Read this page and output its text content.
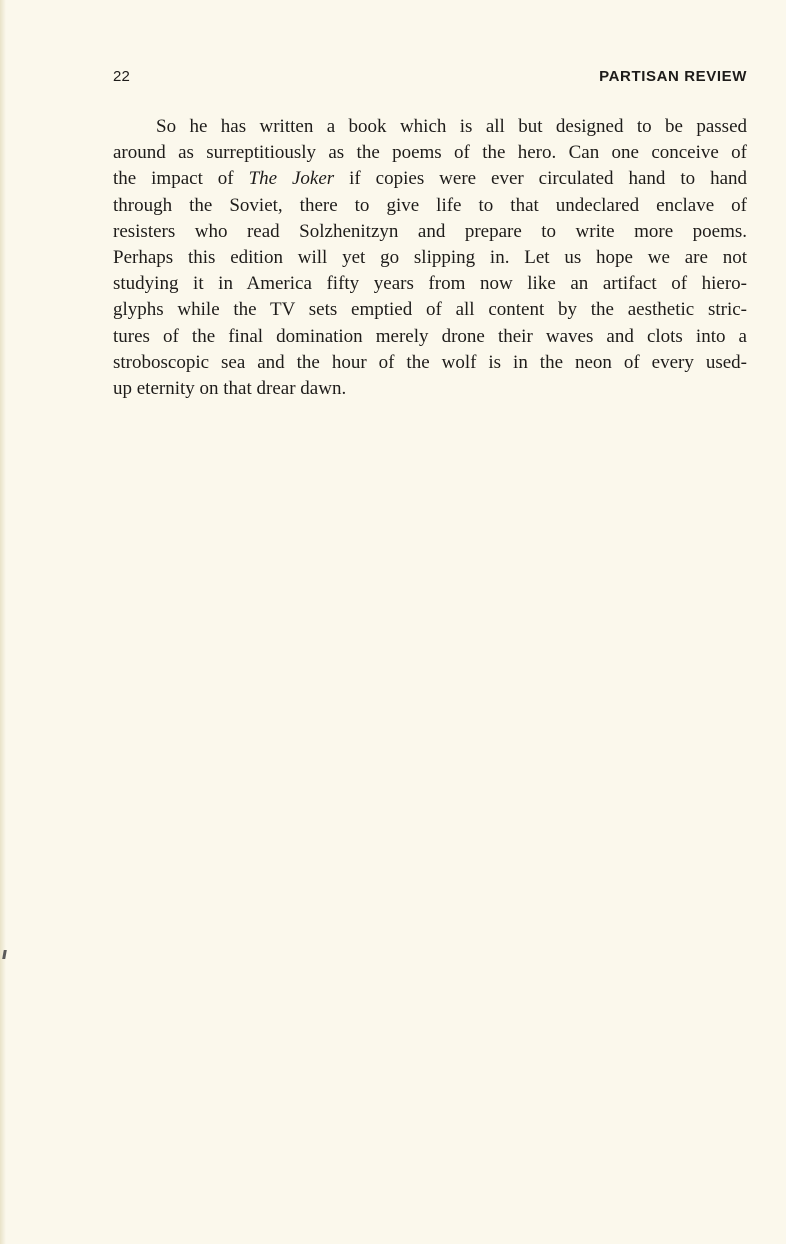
22	PARTISAN REVIEW
So he has written a book which is all but designed to be passed
around as surreptitiously as the poems of the hero. Can one conceive of
the impact of The Joker if copies were ever circulated hand to hand
through the Soviet, there to give life to that undeclared enclave of
resisters who read Solzhenitzyn and prepare to write more poems.
Perhaps this edition will yet go slipping in. Let us hope we are not
studying it in America fifty years from now like an artifact of hiero-
glyphs while the TV sets emptied of all content by the aesthetic stric-
tures of the final domination merely drone their waves and clots into a
stroboscopic sea and the hour of the wolf is in the neon of every used-
up eternity on that drear dawn.
